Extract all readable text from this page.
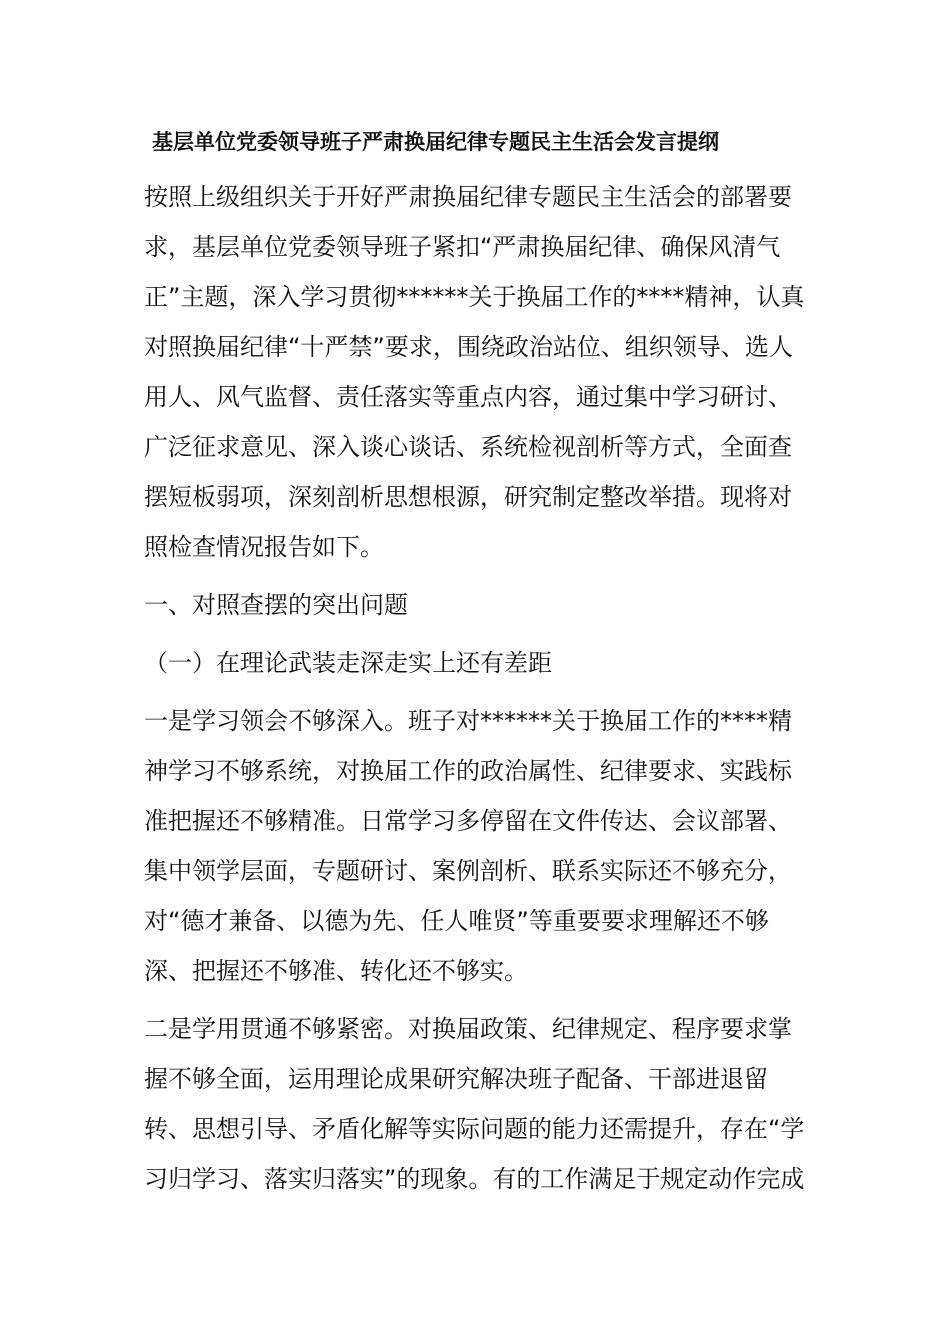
基层单位党委领导班子严肃换届纪律专题民主生活会发言提纲
按照上级组织关于开好严肃换届纪律专题民主生活会的部署要求，基层单位党委领导班子紧扣“严肃换届纪律、确保风清气正”主题，深入学习贯彻******关于换届工作的****精神，认真对照换届纪律“十严禁”要求，围绕政治站位、组织领导、选人用人、风气监督、责任落实等重点内容，通过集中学习研讨、广泛征求意见、深入谈心谈话、系统检视剖析等方式，全面查摆短板弱项，深刻剖析思想根源，研究制定整改举措。现将对照检查情况报告如下。
一、对照查摆的突出问题
（一）在理论武装走深走实上还有差距
一是学习领会不够深入。班子对******关于换届工作的****精神学习不够系统，对换届工作的政治属性、纪律要求、实践标准把握还不够精准。日常学习多停留在文件传达、会议部署、集中领学层面，专题研讨、案例剖析、联系实际还不够充分，对“德才兼备、以德为先、任人唯贤”等重要要求理解还不够深、把握还不够准、转化还不够实。
二是学用贯通不够紧密。对换届政策、纪律规定、程序要求掌握不够全面，运用理论成果研究解决班子配备、干部进退留转、思想引导、矛盾化解等实际问题的能力还需提升，存在“学习归学习、落实归落实”的现象。有的工作满足于规定动作完成
